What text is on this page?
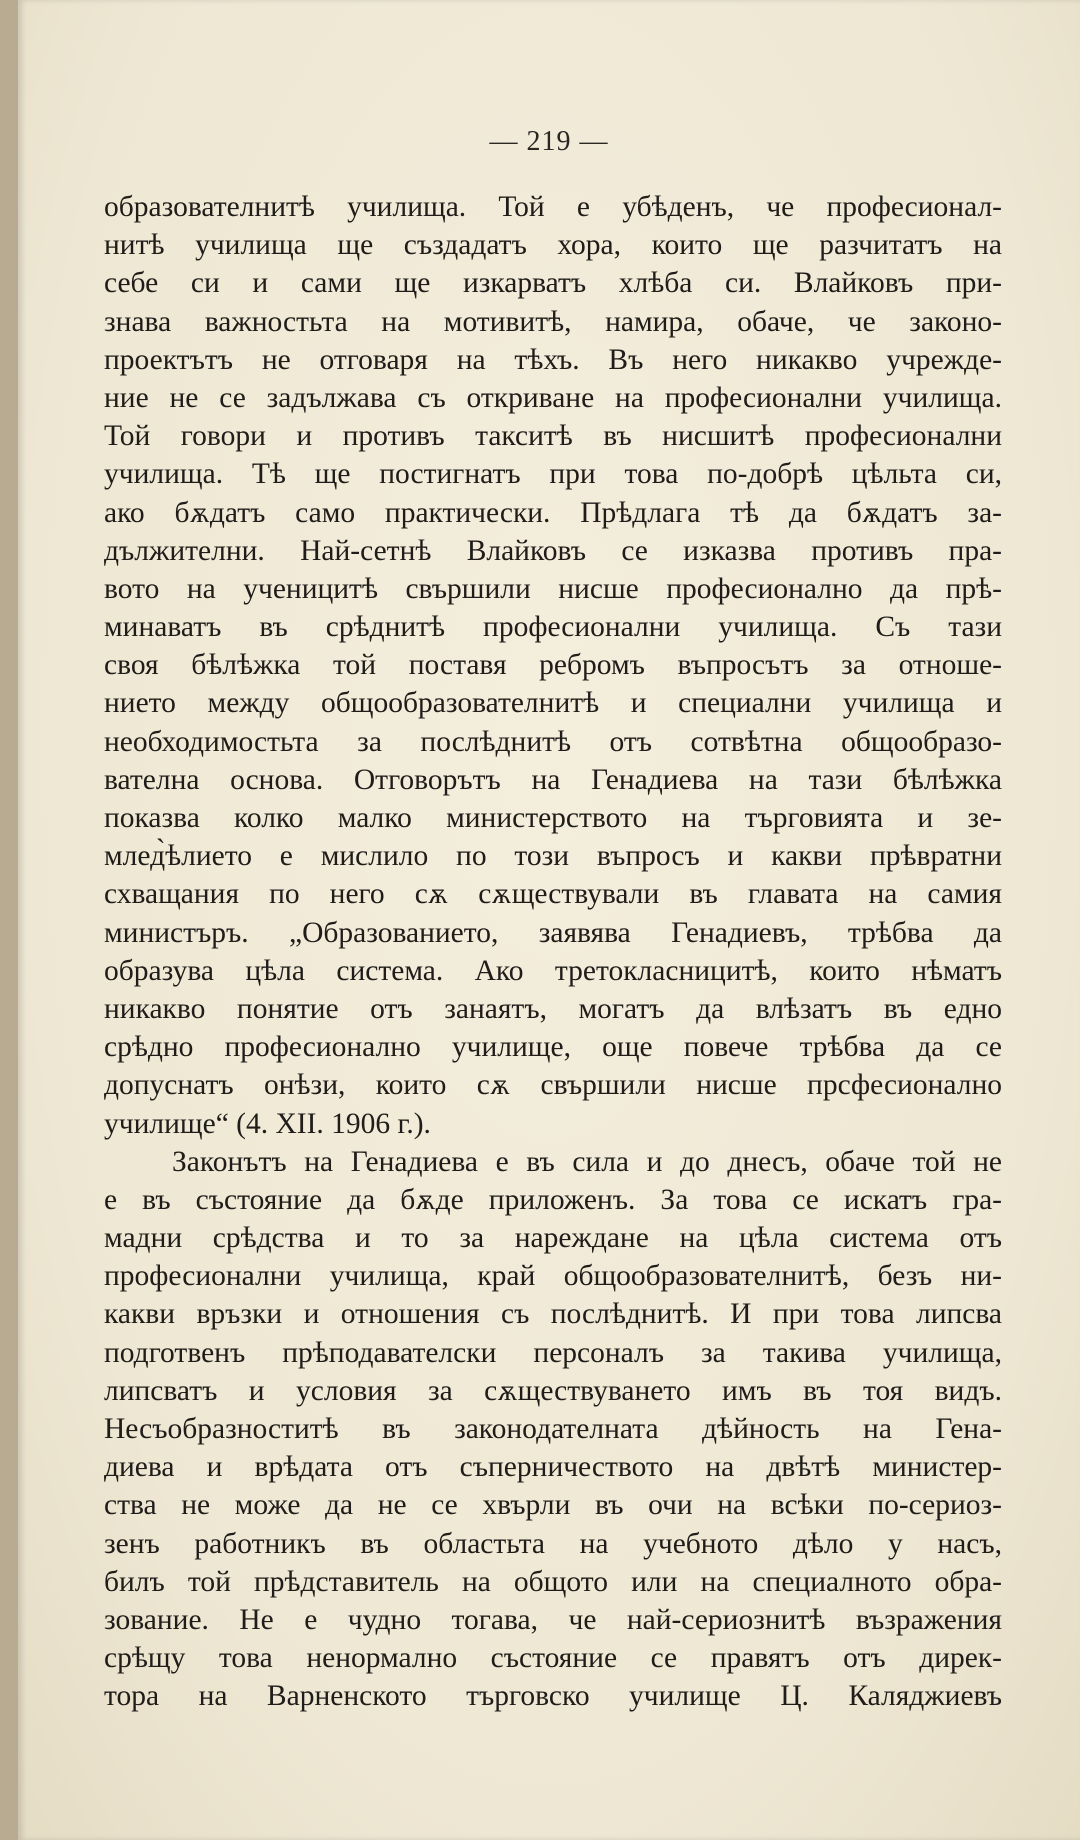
— 219 —
образователнитѣ училища. Той е убѣденъ, че професионал-
нитѣ училища ще създадатъ хора, които ще разчитатъ на
себе си и сами ще изкарватъ хлѣба си. Влайковъ при-
знава важностьта на мотивитѣ, намира, обаче, че законо-
проектътъ не отговаря на тѣхъ. Въ него никакво учрежде-
ние не се задължава съ откриване на професионални училища.
Той говори и противъ такситѣ въ нисшитѣ професионални
училища. Тѣ ще постигнатъ при това по-добрѣ цѣльта си,
ако бѫдатъ само практически. Прѣдлага тѣ да бѫдатъ за-
дължителни. Най-сетнѣ Влайковъ се изказва противъ пра-
вото на ученицитѣ свършили нисше професионално да прѣ-
минаватъ въ срѣднитѣ професионални училища. Съ тази
своя бѣлѣжка той поставя ребромъ въпросътъ за отноше-
нието между общообразователнитѣ и специални училища и
необходимостьта за послѣднитѣ отъ сотвѣтна общообразо-
вателна основа. Отговорътъ на Генадиева на тази бѣлѣжка
показва колко малко министерството на търговията и зе-
млед̀ѣлието е мислило по този въпросъ и какви прѣвратни
схващания по него сѫ сѫществували въ главата на самия
министъръ. „Образованието, заявява Генадиевъ, трѣбва да
образува цѣла система. Ако третокласницитѣ, които нѣматъ
никакво понятие отъ занаятъ, могатъ да влѣзатъ въ едно
срѣдно професионално училище, още повече трѣбва да се
допуснатъ онѣзи, които сѫ свършили нисше прсфесионално
училище“ (4. XII. 1906 г.).
Законътъ на Генадиева е въ сила и до днесъ, обаче той не
е въ състояние да бѫде приложенъ. За това се искатъ гра-
мадни срѣдства и то за нареждане на цѣла система отъ
професионални училища, край общообразователнитѣ, безъ ни-
какви връзки и отношения съ послѣднитѣ. И при това липсва
подготвенъ прѣподавателски персоналъ за такива училища,
липсватъ и условия за сѫществуването имъ въ тоя видъ.
Несъобразноститѣ въ законодателната дѣйность на Гена-
диева и врѣдата отъ съперничеството на двѣтѣ министер-
ства не може да не се хвърли въ очи на всѣки по-сериоз-
зенъ работникъ въ областьта на учебното дѣло у насъ,
билъ той прѣдставитель на общото или на специалното обра-
зование. Не е чудно тогава, че най-сериознитѣ възражения
срѣщу това ненормално състояние се правятъ отъ дирек-
тора на Варненското търговско училище Ц. Каляджиевъ
